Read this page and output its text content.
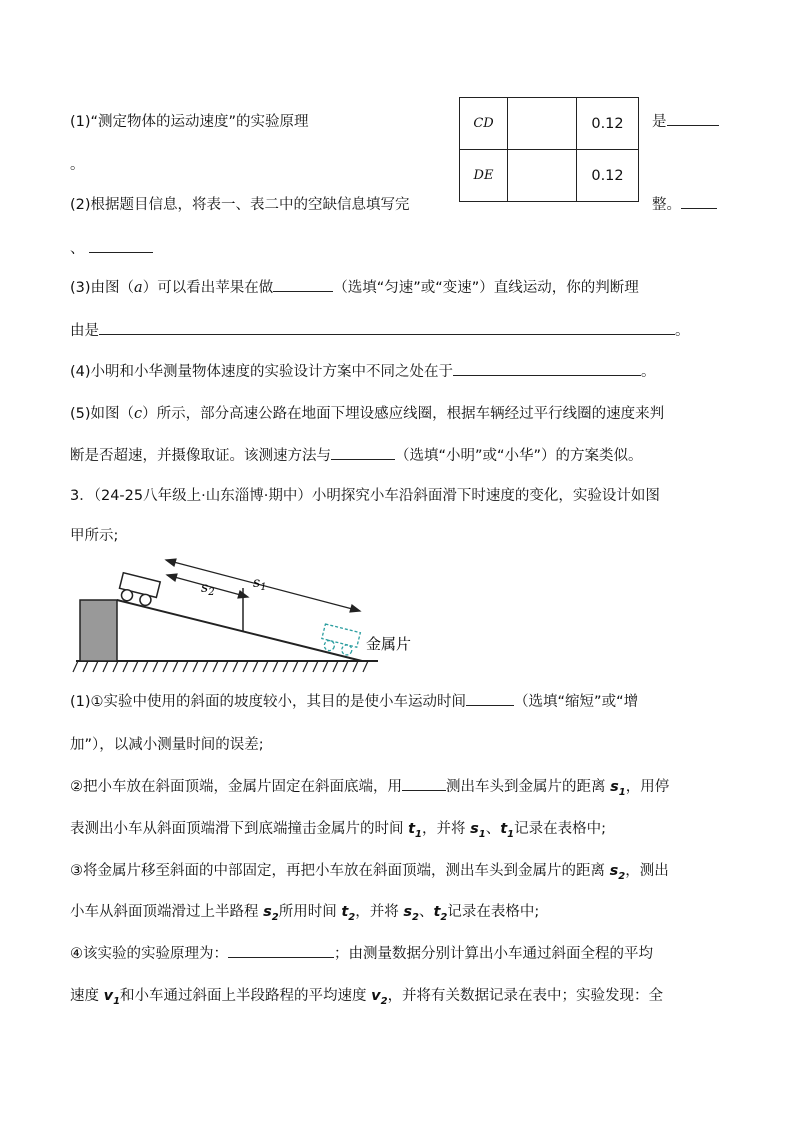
(1)“测定物体的运动速度”的实验原理	是
。
CD		0.12
DE		0.12
(2)根据题目信息，将表一、表二中的空缺信息填写完	整。
、
(3)由图（a）可以看出苹果在做	（选填“匀速”或“变速”）直线运动，你的判断理
由是	。
(4)小明和小华测量物体速度的实验设计方案中不同之处在于	。
(5)如图（c）所示，部分高速公路在地面下埋设感应线圈，根据车辆经过平行线圈的速度来判
断是否超速，并摄像取证。该测速方法与	（选填“小明”或“小华”）的方案类似。
3．（24-25八年级上·山东淄博·期中）小明探究小车沿斜面滑下时速度的变化，实验设计如图
甲所示;
$s_1$
$s_2$
金属片
(1)①实验中使用的斜面的坡度较小，其目的是使小车运动时间	（选填“缩短”或“增
加”），以减小测量时间的误差;
②把小车放在斜面顶端，金属片固定在斜面底端，用	测出车头到金属片的距离 $s_1$，用停
表测出小车从斜面顶端滑下到底端撞击金属片的时间 $t_1$，并将 $s_1$、$t_1$记录在表格中;
③将金属片移至斜面的中部固定，再把小车放在斜面顶端，测出车头到金属片的距离 $s_2$，测出
小车从斜面顶端滑过上半路程 $s_2$所用时间 $t_2$，并将 $s_2$、$t_2$记录在表格中;
④该实验的实验原理为：	；由测量数据分别计算出小车通过斜面全程的平均
速度 $v_1$和小车通过斜面上半段路程的平均速度 $v_2$，并将有关数据记录在表中；实验发现：全
